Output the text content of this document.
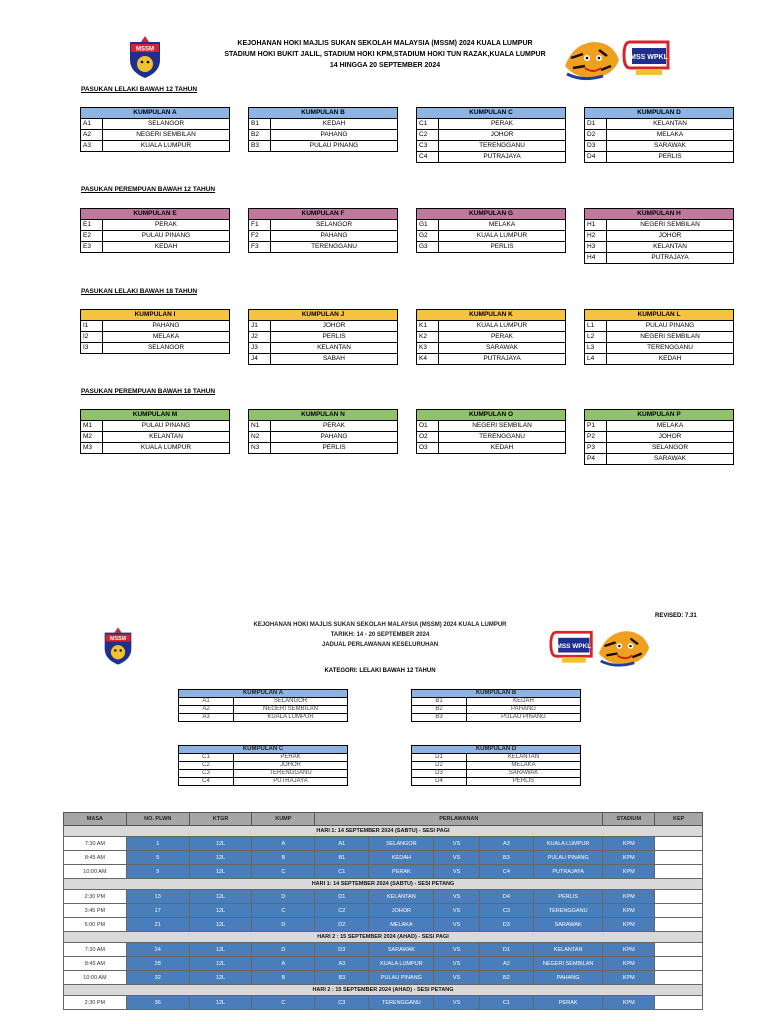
MSSM
KEJOHANAN HOKI MAJLIS SUKAN SEKOLAH MALAYSIA (MSSM) 2024 KUALA LUMPUR
STADIUM HOKI BUKIT JALIL, STADIUM HOKI KPM,STADIUM HOKI TUN RAZAK,KUALA LUMPUR
14 HINGGA 20 SEPTEMBER 2024
MSS WPKL
PASUKAN LELAKI BAWAH 12 TAHUN
PASUKAN PEREMPUAN BAWAH 12 TAHUN
PASUKAN LELAKI BAWAH 18 TAHUN
PASUKAN PEREMPUAN BAWAH 18 TAHUN
KUMPULAN A	
A1	SELANGOR
A2	NEGERI SEMBILAN
A3	KUALA LUMPUR
KUMPULAN B	
B1	KEDAH
B2	PAHANG
B3	PULAU PINANG
KUMPULAN C	
C1	PERAK
C2	JOHOR
C3	TERENGGANU
C4	PUTRAJAYA
KUMPULAN D	
D1	KELANTAN
D2	MELAKA
D3	SARAWAK
D4	PERLIS
KUMPULAN E	
E1	PERAK
E2	PULAU PINANG
E3	KEDAH
KUMPULAN F	
F1	SELANGOR
F2	PAHANG
F3	TERENGGANU
KUMPULAN G	
G1	MELAKA
G2	KUALA LUMPUR
G3	PERLIS
KUMPULAN H	
H1	NEGERI SEMBILAN
H2	JOHOR
H3	KELANTAN
H4	PUTRAJAYA
KUMPULAN I	
I1	PAHANG
I2	MELAKA
I3	SELANGOR
KUMPULAN J	
J1	JOHOR
J2	PERLIS
J3	KELANTAN
J4	SABAH
KUMPULAN K	
K1	KUALA LUMPUR
K2	PERAK
K3	SARAWAK
K4	PUTRAJAYA
KUMPULAN L	
L1	PULAU PINANG
L2	NEGERI SEMBILAN
L3	TERENGGANU
L4	KEDAH
KUMPULAN M	
M1	PULAU PINANG
M2	KELANTAN
M3	KUALA LUMPUR
KUMPULAN N	
N1	PERAK
N2	PAHANG
N3	PERLIS
KUMPULAN O	
O1	NEGERI SEMBILAN
O2	TERENGGANU
O3	KEDAH
KUMPULAN P	
P1	MELAKA
P2	JOHOR
P3	SELANGOR
P4	SARAWAK
REVISED: 7.31
MSSM
KEJOHANAN HOKI MAJLIS SUKAN SEKOLAH MALAYSIA (MSSM) 2024 KUALA LUMPUR
TARIKH: 14 - 20 SEPTEMBER 2024
JADUAL PERLAWANAN KESELURUHAN
KATEGORI: LELAKI BAWAH 12 TAHUN
MSS WPKL
KUMPULAN A	
A1	SELANGOR
A2	NEGERI SEMBILAN
A3	KUALA LUMPUR
KUMPULAN B	
B1	KEDAH
B2	PAHANG
B3	PULAU PINANG
KUMPULAN C	
C1	PERAK
C2	JOHOR
C3	TERENGGANU
C4	PUTRAJAYA
KUMPULAN D	
D1	KELANTAN
D2	MELAKA
D3	SARAWAK
D4	PERLIS
MASA	NO. PLWN	KTGR	KUMP	PERLAWANAN					STADIUM	KEP
HARI 1: 14 SEPTEMBER 2024 (SABTU) - SESI PAGI										
7:30 AM	1	12L	A	A1	SELANGOR	VS	A3	KUALA LUMPUR	KPM	
8:45 AM	5	12L	B	B1	KEDAH	VS	B3	PULAU PINANG	KPM	
10:00 AM	9	12L	C	C1	PERAK	VS	C4	PUTRAJAYA	KPM	
HARI 1: 14 SEPTEMBER 2024 (SABTU) - SESI PETANG										
2:30 PM	13	12L	D	D1	KELANTAN	VS	D4	PERLIS	KPM	
3:45 PM	17	12L	C	C2	JOHOR	VS	C3	TERENGGANU	KPM	
5:00 PM	21	12L	D	D2	MELAKA	VS	D3	SARAWAK	KPM	
HARI 2 : 15 SEPTEMBER 2024 (AHAD) - SESI PAGI										
7:30 AM	24	12L	D	D3	SARAWAK	VS	D1	KELANTAN	KPM	
8:45 AM	28	12L	A	A3	KUALA LUMPUR	VS	A2	NEGERI SEMBILAN	KPM	
10:00 AM	32	12L	B	B3	PULAU PINANG	VS	B2	PAHANG	KPM	
HARI 2 : 15 SEPTEMBER 2024 (AHAD) - SESI PETANG										
2:30 PM	36	12L	C	C3	TERENGGANU	VS	C1	PERAK	KPM	
